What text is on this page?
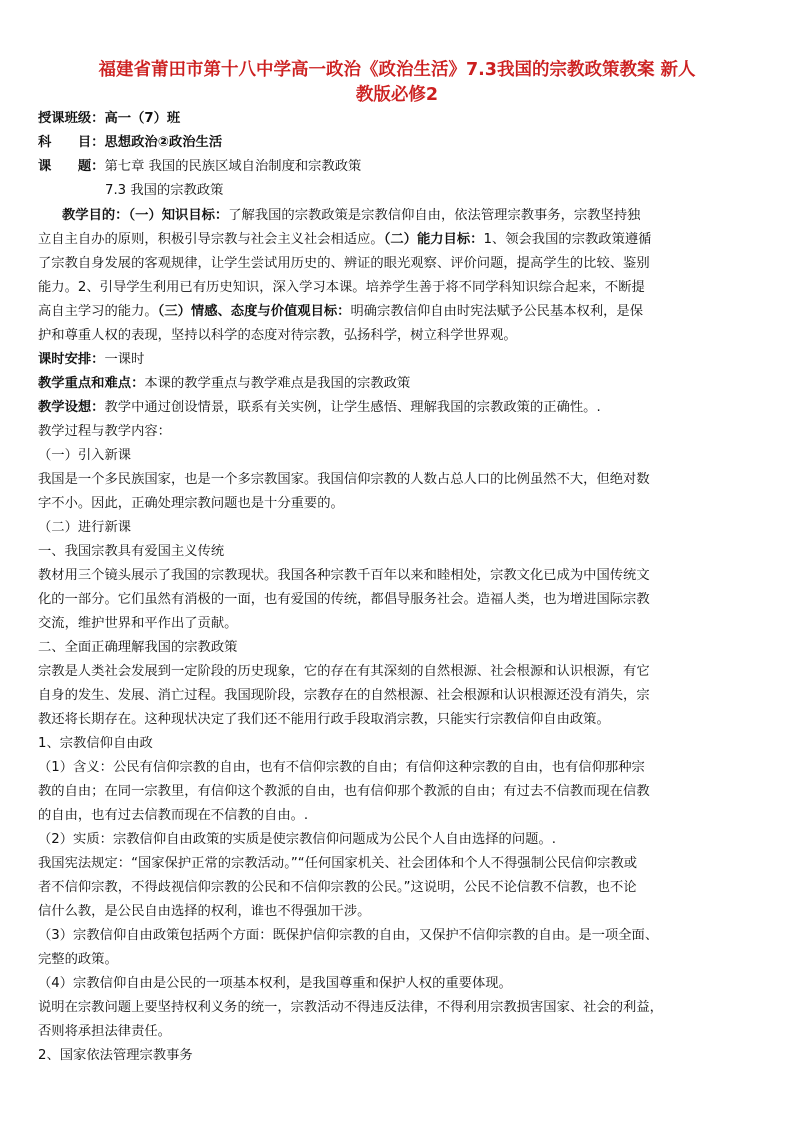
福建省莆田市第十八中学高一政治《政治生活》7.3我国的宗教政策教案 新人
教版必修2
授课班级：高一（7）班
科　　目：思想政治②政治生活
课　　题：第七章 我国的民族区域自治制度和宗教政策
7.3 我国的宗教政策
教学目的：（一）知识目标：了解我国的宗教政策是宗教信仰自由，依法管理宗教事务，宗教坚持独
立自主自办的原则，积极引导宗教与社会主义社会相适应。（二）能力目标：1、领会我国的宗教政策遵循
了宗教自身发展的客观规律，让学生尝试用历史的、辨证的眼光观察、评价问题，提高学生的比较、鉴别
能力。2、引导学生利用已有历史知识，深入学习本课。培养学生善于将不同学科知识综合起来，不断提
高自主学习的能力。（三）情感、态度与价值观目标：明确宗教信仰自由时宪法赋予公民基本权利，是保
护和尊重人权的表现，坚持以科学的态度对待宗教，弘扬科学，树立科学世界观。
课时安排：一课时
教学重点和难点：本课的教学重点与教学难点是我国的宗教政策
教学设想：教学中通过创设情景，联系有关实例，让学生感悟、理解我国的宗教政策的正确性。.
教学过程与教学内容：
（一）引入新课
我国是一个多民族国家，也是一个多宗教国家。我国信仰宗教的人数占总人口的比例虽然不大，但绝对数
字不小。因此，正确处理宗教问题也是十分重要的。
（二）进行新课
一、我国宗教具有爱国主义传统
教材用三个镜头展示了我国的宗教现状。我国各种宗教千百年以来和睦相处，宗教文化已成为中国传统文
化的一部分。它们虽然有消极的一面，也有爱国的传统，都倡导服务社会。造福人类，也为增进国际宗教
交流，维护世界和平作出了贡献。
二、全面正确理解我国的宗教政策
宗教是人类社会发展到一定阶段的历史现象，它的存在有其深刻的自然根源、社会根源和认识根源，有它
自身的发生、发展、消亡过程。我国现阶段，宗教存在的自然根源、社会根源和认识根源还没有消失，宗
教还将长期存在。这种现状决定了我们还不能用行政手段取消宗教，只能实行宗教信仰自由政策。
1、宗教信仰自由政
（1）含义：公民有信仰宗教的自由，也有不信仰宗教的自由；有信仰这种宗教的自由，也有信仰那种宗
教的自由；在同一宗教里，有信仰这个教派的自由，也有信仰那个教派的自由；有过去不信教而现在信教
的自由，也有过去信教而现在不信教的自由。.
（2）实质：宗教信仰自由政策的实质是使宗教信仰问题成为公民个人自由选择的问题。.
我国宪法规定：“国家保护正常的宗教活动。”“任何国家机关、社会团体和个人不得强制公民信仰宗教或
者不信仰宗教，不得歧视信仰宗教的公民和不信仰宗教的公民。”这说明，公民不论信教不信教，也不论
信什么教，是公民自由选择的权利，谁也不得强加干涉。
（3）宗教信仰自由政策包括两个方面：既保护信仰宗教的自由，又保护不信仰宗教的自由。是一项全面、
完整的政策。
（4）宗教信仰自由是公民的一项基本权利，是我国尊重和保护人权的重要体现。
说明在宗教问题上要坚持权利义务的统一，宗教活动不得违反法律，不得利用宗教损害国家、社会的利益，
否则将承担法律责任。
2、国家依法管理宗教事务
